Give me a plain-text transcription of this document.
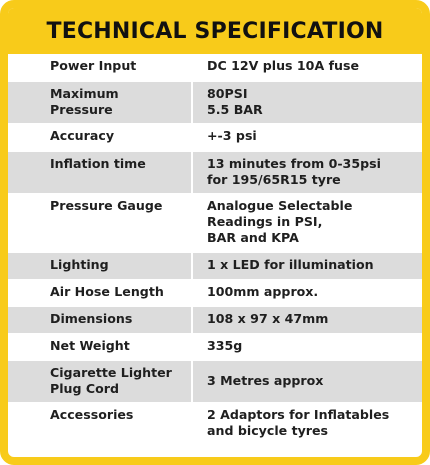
TECHNICAL SPECIFICATION
Power Input	DC 12V plus 10A fuse
Maximum Pressure	80PSI
5.5 BAR
Accuracy	+-3 psi
Inflation time	13 minutes from 0-35psi
for 195/65R15 tyre
Pressure Gauge	Analogue Selectable
Readings in PSI,
BAR and KPA
Lighting	1 x LED for illumination
Air Hose Length	100mm approx.
Dimensions	108 x 97 x 47mm
Net Weight	335g
Cigarette Lighter
Plug Cord	3 Metres approx
Accessories	2 Adaptors for Inflatables
and bicycle tyres
